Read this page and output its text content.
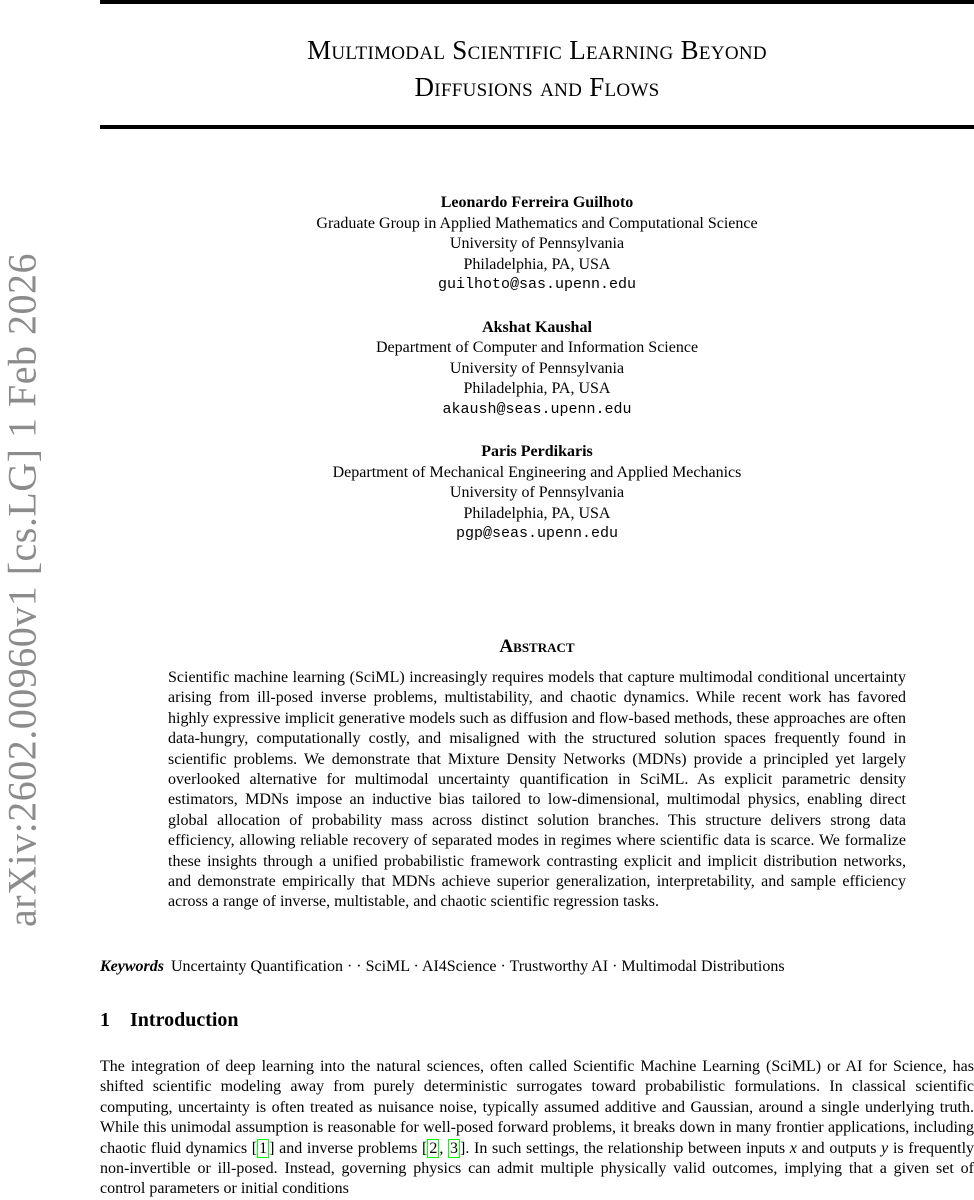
arXiv:2602.00960v1 [cs.LG] 1 Feb 2026
Multimodal Scientific Learning Beyond
Diffusions and Flows
Leonardo Ferreira Guilhoto
Graduate Group in Applied Mathematics and Computational Science
University of Pennsylvania
Philadelphia, PA, USA
guilhoto@sas.upenn.edu
Akshat Kaushal
Department of Computer and Information Science
University of Pennsylvania
Philadelphia, PA, USA
akaush@seas.upenn.edu
Paris Perdikaris
Department of Mechanical Engineering and Applied Mechanics
University of Pennsylvania
Philadelphia, PA, USA
pgp@seas.upenn.edu
Abstract
Scientific machine learning (SciML) increasingly requires models that capture multimodal conditional uncertainty arising from ill-posed inverse problems, multistability, and chaotic dynamics. While recent work has favored highly expressive implicit generative models such as diffusion and flow-based methods, these approaches are often data-hungry, computationally costly, and misaligned with the structured solution spaces frequently found in scientific problems. We demonstrate that Mixture Density Networks (MDNs) provide a principled yet largely overlooked alternative for multimodal uncertainty quantification in SciML. As explicit parametric density estimators, MDNs impose an inductive bias tailored to low-dimensional, multimodal physics, enabling direct global allocation of probability mass across distinct solution branches. This structure delivers strong data efficiency, allowing reliable recovery of separated modes in regimes where scientific data is scarce. We formalize these insights through a unified probabilistic framework contrasting explicit and implicit distribution networks, and demonstrate empirically that MDNs achieve superior generalization, interpretability, and sample efficiency across a range of inverse, multistable, and chaotic scientific regression tasks.
Keywords Uncertainty Quantification · · SciML · AI4Science · Trustworthy AI · Multimodal Distributions
1 Introduction
The integration of deep learning into the natural sciences, often called Scientific Machine Learning (SciML) or AI for Science, has shifted scientific modeling away from purely deterministic surrogates toward probabilistic formulations. In classical scientific computing, uncertainty is often treated as nuisance noise, typically assumed additive and Gaussian, around a single underlying truth. While this unimodal assumption is reasonable for well-posed forward problems, it breaks down in many frontier applications, including chaotic fluid dynamics [ 1 ] and inverse problems [ 2 , 3 ]. In such settings, the relationship between inputs x and outputs y is frequently non-invertible or ill-posed. Instead, governing physics can admit multiple physically valid outcomes, implying that a given set of control parameters or initial conditions
